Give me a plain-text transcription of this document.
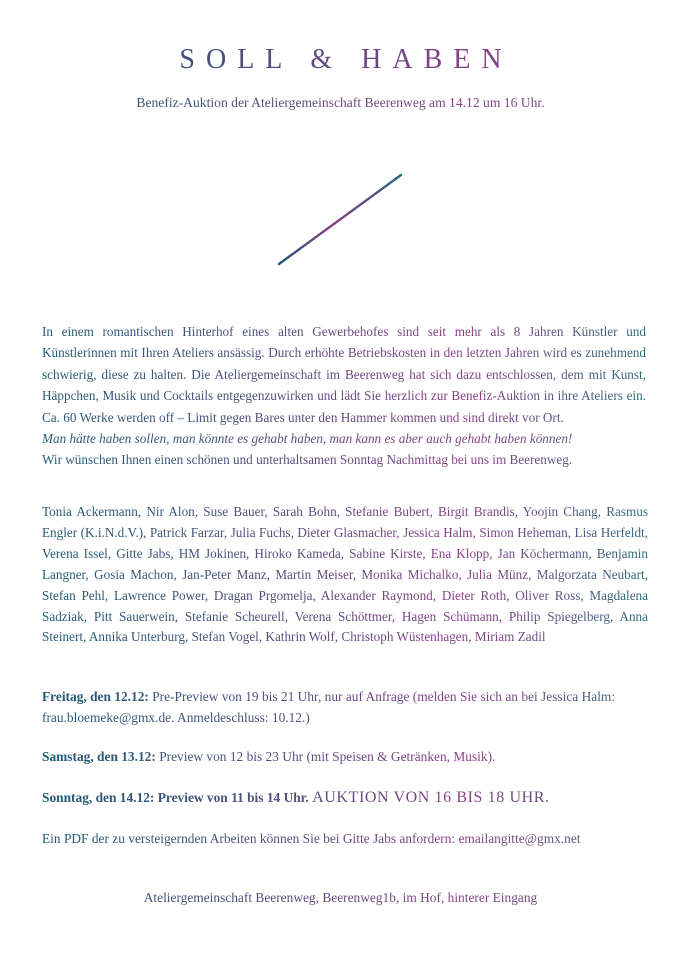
SOLL & HABEN
Benefiz-Auktion der Ateliergemeinschaft Beerenweg am 14.12 um 16 Uhr.
In einem romantischen Hinterhof eines alten Gewerbehofes sind seit mehr als 8 Jahren Künstler und Künstlerinnen mit Ihren Ateliers ansässig. Durch erhöhte Betriebskosten in den letzten Jahren wird es zunehmend schwierig, diese zu halten. Die Ateliergemeinschaft im Beerenweg hat sich dazu entschlossen, dem mit Kunst, Häppchen, Musik und Cocktails entgegenzuwirken und lädt Sie herzlich zur Benefiz-Auktion in ihre Ateliers ein. Ca. 60 Werke werden off – Limit gegen Bares unter den Hammer kommen und sind direkt vor Ort.
Man hätte haben sollen, man könnte es gehabt haben, man kann es aber auch gehabt haben können!
Wir wünschen Ihnen einen schönen und unterhaltsamen Sonntag Nachmittag bei uns im Beerenweg.
Tonia Ackermann, Nir Alon, Suse Bauer, Sarah Bohn, Stefanie Bubert, Birgit Brandis, Yoojin Chang, Rasmus Engler (K.i.N.d.V.), Patrick Farzar, Julia Fuchs, Dieter Glasmacher, Jessica Halm, Simon Heheman, Lisa Herfeldt, Verena Issel, Gitte Jabs, HM Jokinen, Hiroko Kameda, Sabine Kirste, Ena Klopp, Jan Köchermann, Benjamin Langner, Gosia Machon, Jan-Peter Manz, Martin Meiser, Monika Michalko, Julia Münz, Malgorzata Neubart, Stefan Pehl, Lawrence Power, Dragan Prgomelja, Alexander Raymond, Dieter Roth, Oliver Ross, Magdalena Sadziak, Pitt Sauerwein, Stefanie Scheurell, Verena Schöttmer, Hagen Schümann, Philip Spiegelberg, Anna Steinert, Annika Unterburg, Stefan Vogel, Kathrin Wolf, Christoph Wüstenhagen, Miriam Zadil
Freitag, den 12.12: Pre-Preview von 19 bis 21 Uhr, nur auf Anfrage (melden Sie sich an bei Jessica Halm: frau.bloemeke@gmx.de. Anmeldeschluss: 10.12.)
Samstag, den 13.12: Preview von 12 bis 23 Uhr (mit Speisen & Getränken, Musik).
Sonntag, den 14.12: Preview von 11 bis 14 Uhr. AUKTION VON 16 BIS 18 UHR.
Ein PDF der zu versteigernden Arbeiten können Sie bei Gitte Jabs anfordern: emailangitte@gmx.net
Ateliergemeinschaft Beerenweg, Beerenweg1b, im Hof, hinterer Eingang
